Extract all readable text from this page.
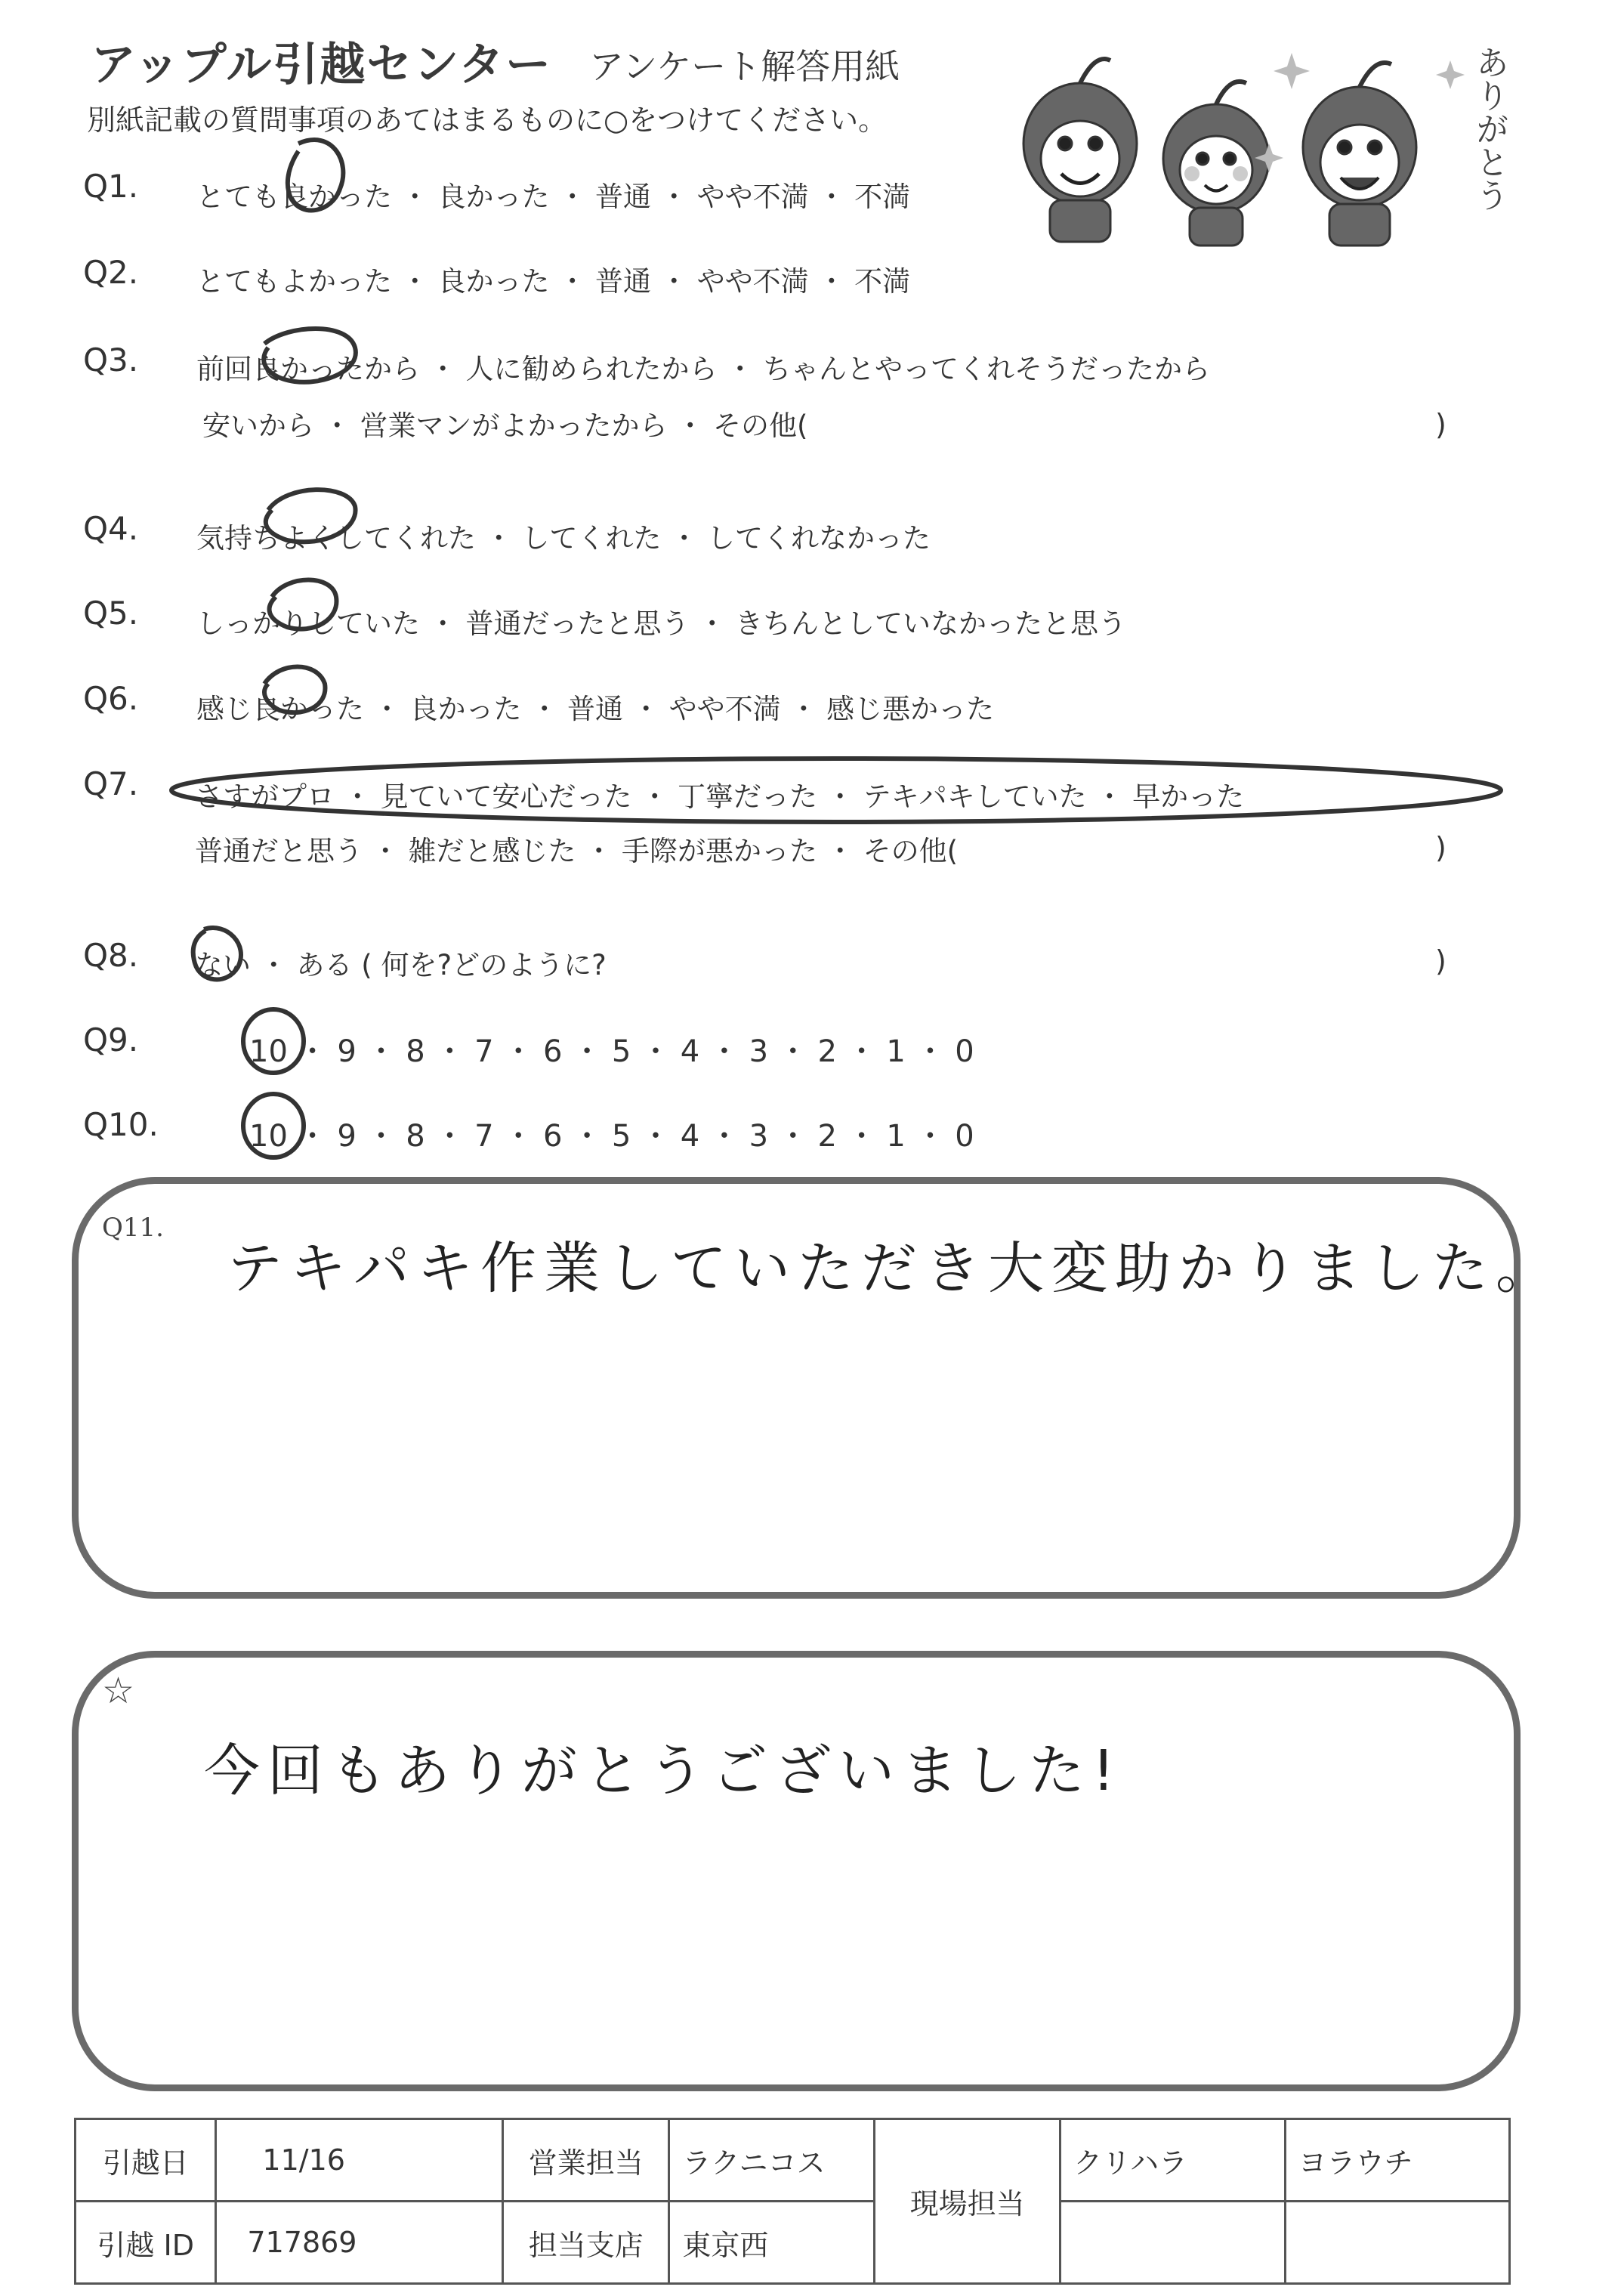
アップル引越センター アンケート解答用紙
別紙記載の質問事項のあてはまるものに○をつけてください。	ありがとう
Q1. とても良かった ・ 良かった ・ 普通 ・ やや不満 ・ 不満
Q2. とてもよかった ・ 良かった ・ 普通 ・ やや不満 ・ 不満
Q3. 前回良かったから ・ 人に勧められたから ・ ちゃんとやってくれそうだったから
安いから ・ 営業マンがよかったから ・ その他(	)
Q4. 気持ちよくしてくれた ・ してくれた ・ してくれなかった
Q5. しっかりしていた ・ 普通だったと思う ・ きちんとしていなかったと思う
Q6. 感じ良かった ・ 良かった ・ 普通 ・ やや不満 ・ 感じ悪かった
Q7. さすがプロ ・ 見ていて安心だった ・ 丁寧だった ・ テキパキしていた ・ 早かった
普通だと思う ・ 雑だと感じた ・ 手際が悪かった ・ その他(	)
Q8. ない ・ ある ( 何を?どのように?	)
Q9.	10 ・ 9 ・ 8 ・ 7 ・ 6 ・ 5 ・ 4 ・ 3 ・ 2 ・ 1 ・ 0
Q10.	10 ・ 9 ・ 8 ・ 7 ・ 6 ・ 5 ・ 4 ・ 3 ・ 2 ・ 1 ・ 0
Q11.
テキパキ作業していただき大変助かりました。
☆
今回もありがとうございました!
引越日	11/16	営業担当	ラクニコス	現場担当	クリハラ	ヨラウチ
引越 ID	717869	担当支店	東京西			
